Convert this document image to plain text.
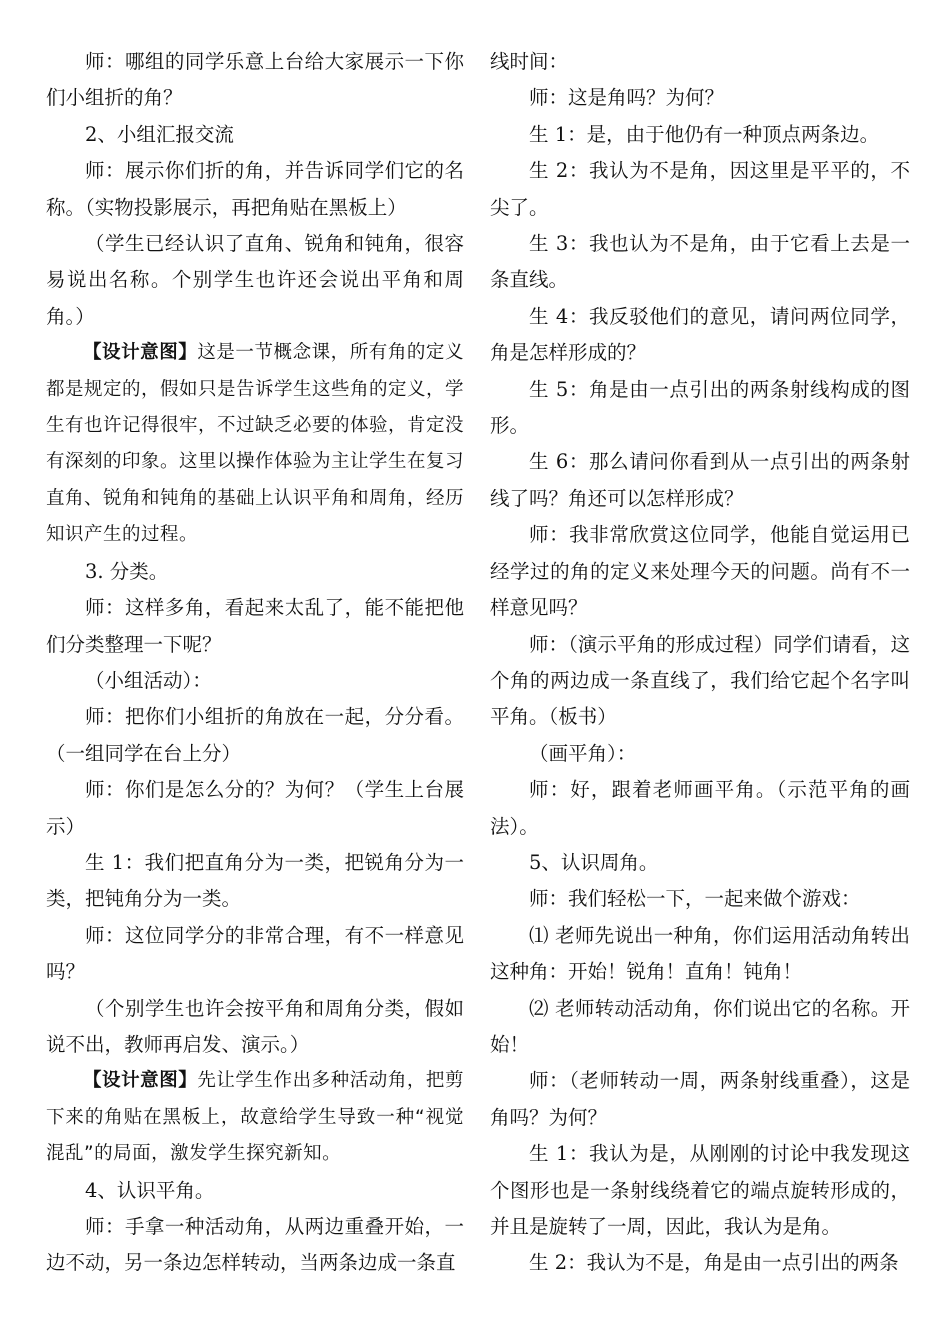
师：哪组的同学乐意上台给大家展示一下你们小组折的角？

2、小组汇报交流

师：展示你们折的角，并告诉同学们它的名称。（实物投影展示，再把角贴在黑板上）

（学生已经认识了直角、锐角和钝角，很容易说出名称。个别学生也许还会说出平角和周角。）

【设计意图】这是一节概念课，所有角的定义都是规定的，假如只是告诉学生这些角的定义，学生有也许记得很牢，不过缺乏必要的体验，肯定没有深刻的印象。这里以操作体验为主让学生在复习直角、锐角和钝角的基础上认识平角和周角，经历知识产生的过程。

3. 分类。

师：这样多角，看起来太乱了，能不能把他们分类整理一下呢？

（小组活动）：

师：把你们小组折的角放在一起，分分看。（一组同学在台上分）

师：你们是怎么分的？为何？（学生上台展示）

生 1：我们把直角分为一类，把锐角分为一类，把钝角分为一类。

师：这位同学分的非常合理，有不一样意见吗？

（个别学生也许会按平角和周角分类，假如说不出，教师再启发、演示。）

【设计意图】先让学生作出多种活动角，把剪下来的角贴在黑板上，故意给学生导致一种“视觉混乱”的局面，激发学生探究新知。

4、认识平角。

师：手拿一种活动角，从两边重叠开始，一边不动，另一条边怎样转动，当两条边成一条直

线时间：

师：这是角吗？为何？

生 1：是，由于他仍有一种顶点两条边。

生 2：我认为不是角，因这里是平平的，不尖了。

生 3：我也认为不是角，由于它看上去是一条直线。

生 4：我反驳他们的意见，请问两位同学，角是怎样形成的？

生 5：角是由一点引出的两条射线构成的图形。

生 6：那么请问你看到从一点引出的两条射线了吗？角还可以怎样形成？

师：我非常欣赏这位同学，他能自觉运用已经学过的角的定义来处理今天的问题。尚有不一样意见吗？

师：（演示平角的形成过程）同学们请看，这个角的两边成一条直线了，我们给它起个名字叫平角。（板书）

（画平角）：

师：好，跟着老师画平角。（示范平角的画法）。

5、认识周角。

师：我们轻松一下，一起来做个游戏：

⑴ 老师先说出一种角，你们运用活动角转出这种角：开始！锐角！直角！钝角！

⑵ 老师转动活动角，你们说出它的名称。开始！

师：（老师转动一周，两条射线重叠），这是角吗？为何？

生 1：我认为是，从刚刚的讨论中我发现这个图形也是一条射线绕着它的端点旋转形成的，并且是旋转了一周，因此，我认为是角。

生 2：我认为不是，角是由一点引出的两条
